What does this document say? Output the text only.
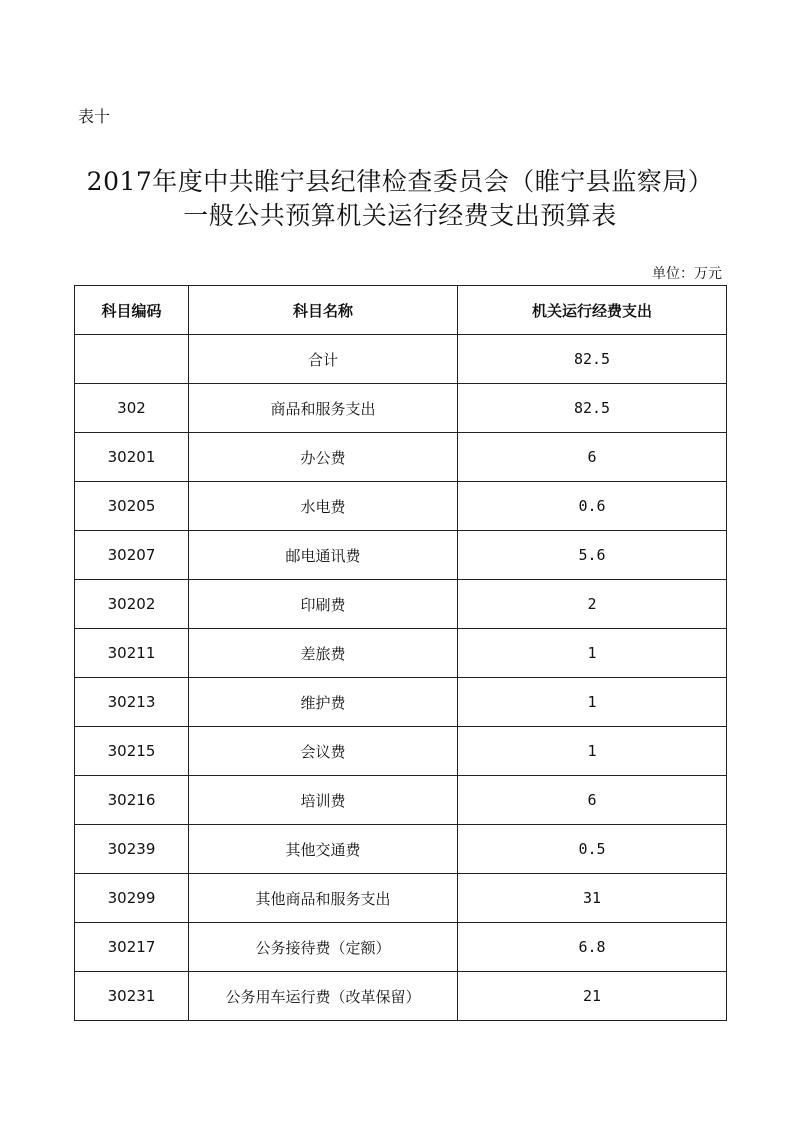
表十
2017年度中共睢宁县纪律检查委员会（睢宁县监察局）
一般公共预算机关运行经费支出预算表
单位：万元
科目编码	科目名称	机关运行经费支出
	合计	82.5
302	商品和服务支出	82.5
30201	办公费	6
30205	水电费	0.6
30207	邮电通讯费	5.6
30202	印刷费	2
30211	差旅费	1
30213	维护费	1
30215	会议费	1
30216	培训费	6
30239	其他交通费	0.5
30299	其他商品和服务支出	31
30217	公务接待费（定额）	6.8
30231	公务用车运行费（改革保留）	21
